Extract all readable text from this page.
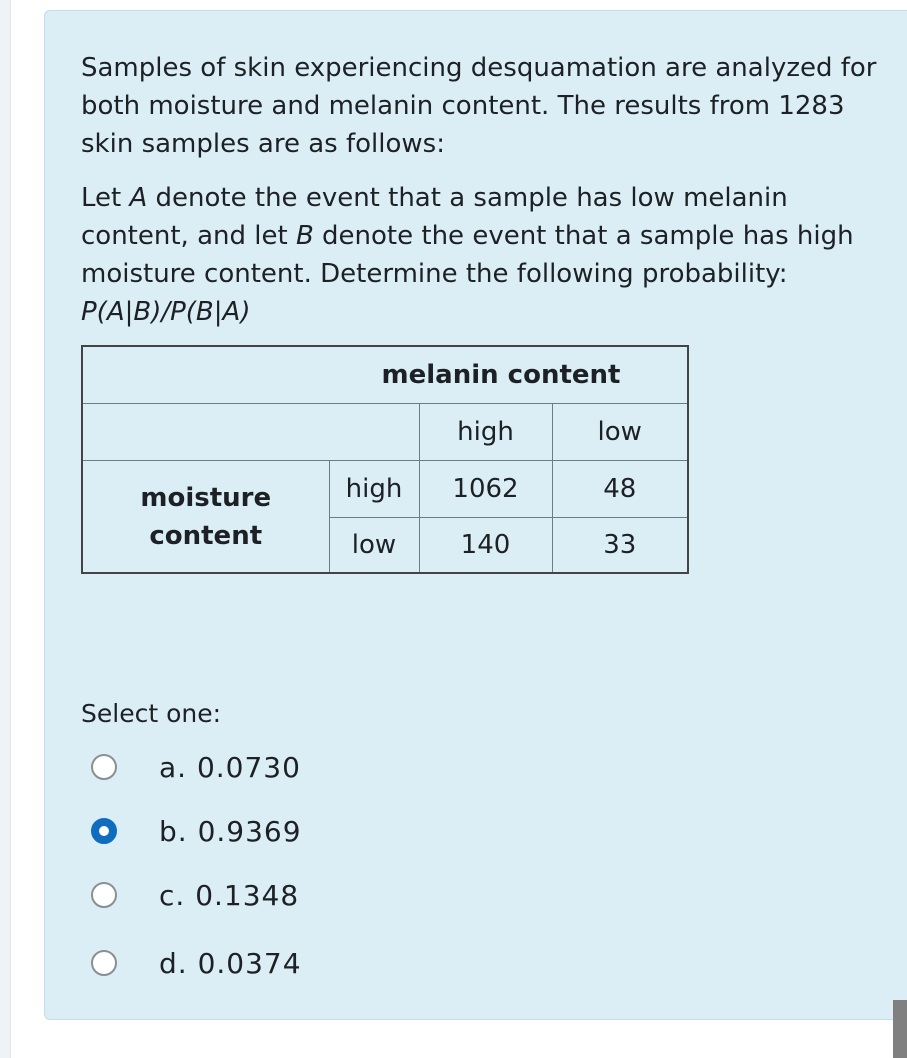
Samples of skin experiencing desquamation are analyzed for both moisture and melanin content. The results from 1283 skin samples are as follows:

Let A denote the event that a sample has low melanin content, and let B denote the event that a sample has high moisture content. Determine the following probability: P(A|B)/P(B|A)

melanin content			
		high	low

moisture
content	high	1062	48
	low	140	33
Select one:
a. 0.0730
b. 0.9369
c. 0.1348
d. 0.0374
